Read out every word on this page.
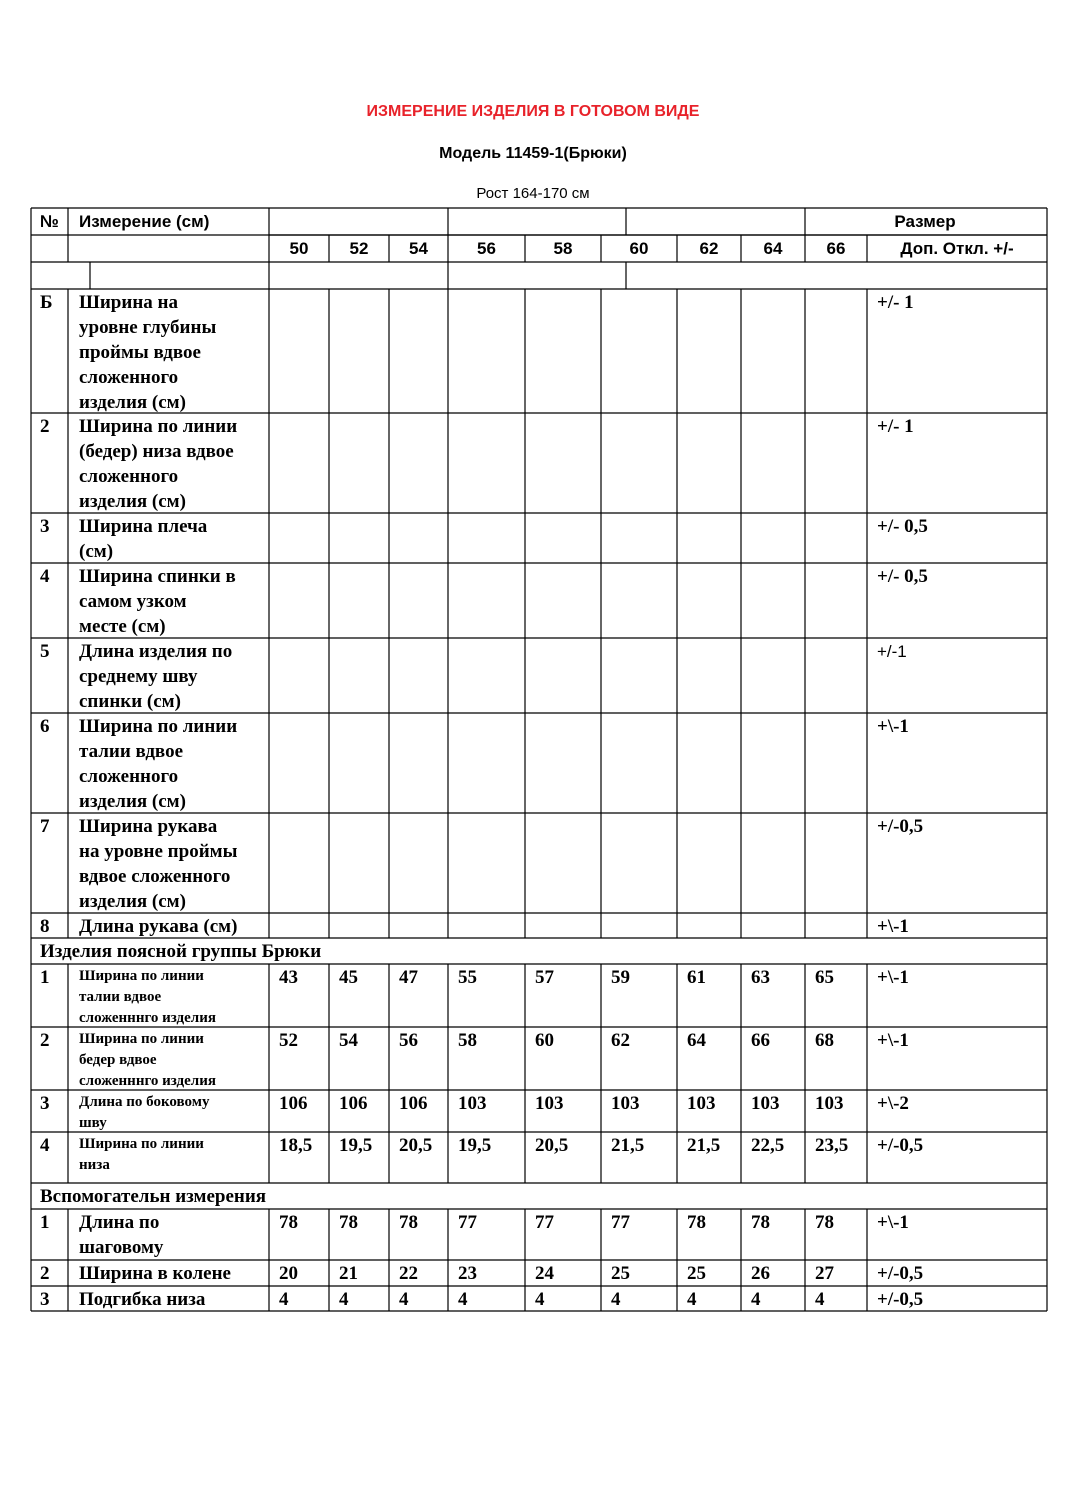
ИЗМЕРЕНИЕ ИЗДЕЛИЯ В ГОТОВОМ ВИДЕ
Модель 11459-1(Брюки)
Рост 164-170 см
№ Измерение (см)	Размер
50	52	54	56	58	60	62	64	66	Доп. Откл. +/-
Б Ширина на
уровне глубины
проймы вдвое
сложенного
изделия (см)
+/- 1
2 Ширина по линии
(бедер) низа вдвое
сложенного
изделия (см)
+/- 1
3 Ширина плеча
(см)
+/- 0,5
4 Ширина спинки в
самом узком
месте (см)
+/- 0,5
5 Длина изделия по
среднему шву
спинки (см)
+/-1
6 Ширина по линии
талии вдвое
сложенного
изделия (см)
+\-1
7 Ширина рукава
на уровне проймы
вдвое сложенного
изделия (см)
+/-0,5
8 Длина рукава (см)	+\-1
Изделия поясной группы Брюки
1 Ширина по линии
талии вдвое
сложенннго изделия
43 45 47 55	57	59	61 63 65 +\-1
2 Ширина по линии
бедер вдвое
сложенннго изделия
52 54 56 58	60	62	64 66 68 +\-1
3 Длина по боковому
шву
106 106 106 103	103	103	103 103 103 +\-2
4 Ширина по линии
низа
18,5 19,5 20,5 19,5 20,5 21,5 21,5 22,5 23,5 +/-0,5
Вспомогательн измерения
1 Длина по
шаговому
78 78 78 77	77	77	78 78 78 +\-1
2 Ширина в колене	20 21 22 23	24	25	25 26 27 +/-0,5
3 Подгибка низа	4	4	4	4	4	4	4	4	4	+/-0,5
